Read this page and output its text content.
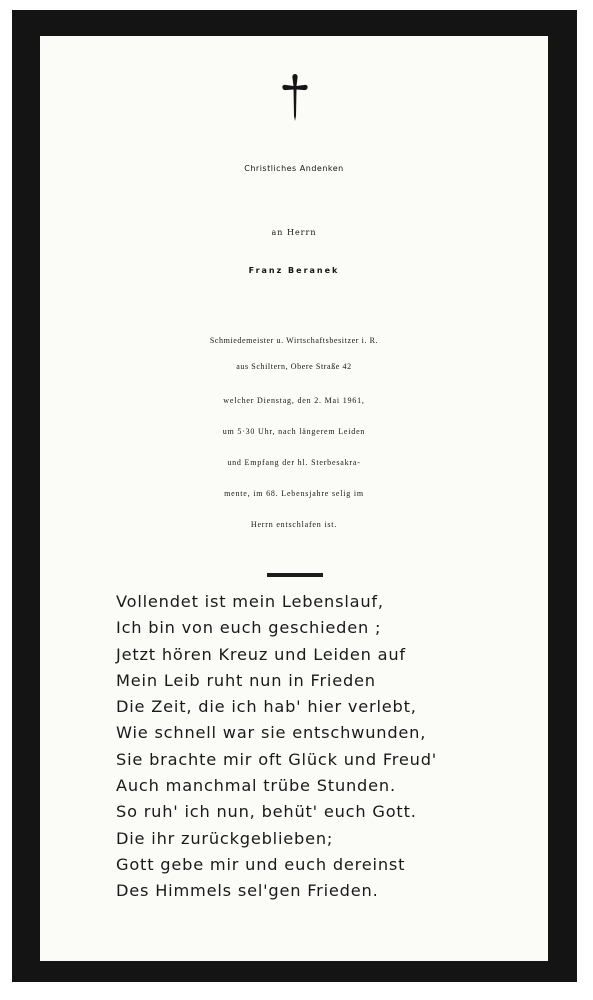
Christliches Andenken
an Herrn
Franz Beranek
Schmiedemeister u. Wirtschaftsbesitzer i. R.
aus Schiltern, Obere Straße 42
welcher Dienstag, den 2. Mai 1961,
um 5·30 Uhr, nach längerem Leiden
und Empfang der hl. Sterbesakra-
mente, im 68. Lebensjahre selig im
Herrn entschlafen ist.
Vollendet ist mein Lebenslauf,
Ich bin von euch geschieden ;
Jetzt hören Kreuz und Leiden auf
Mein Leib ruht nun in Frieden
Die Zeit, die ich hab' hier verlebt,
Wie schnell war sie entschwunden,
Sie brachte mir oft Glück und Freud'
Auch manchmal trübe Stunden.
So ruh' ich nun, behüt' euch Gott.
Die ihr zurückgeblieben;
Gott gebe mir und euch dereinst
Des Himmels sel'gen Frieden.
